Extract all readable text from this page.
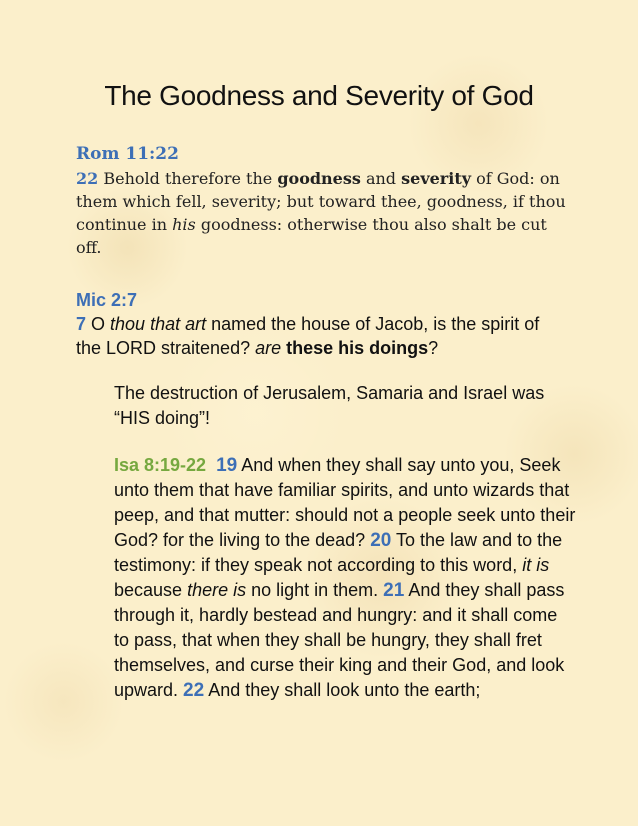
The Goodness and Severity of God
Rom 11:22
22 Behold therefore the goodness and severity of God: on them which fell, severity; but toward thee, goodness, if thou continue in his goodness: otherwise thou also shalt be cut off.
Mic 2:7
7 O thou that art named the house of Jacob, is the spirit of the LORD straitened? are these his doings?
The destruction of Jerusalem, Samaria and Israel was “HIS doing”!
Isa 8:19-22 19 And when they shall say unto you, Seek unto them that have familiar spirits, and unto wizards that peep, and that mutter: should not a people seek unto their God? for the living to the dead? 20 To the law and to the testimony: if they speak not according to this word, it is because there is no light in them. 21 And they shall pass through it, hardly bestead and hungry: and it shall come to pass, that when they shall be hungry, they shall fret themselves, and curse their king and their God, and look upward. 22 And they shall look unto the earth;
